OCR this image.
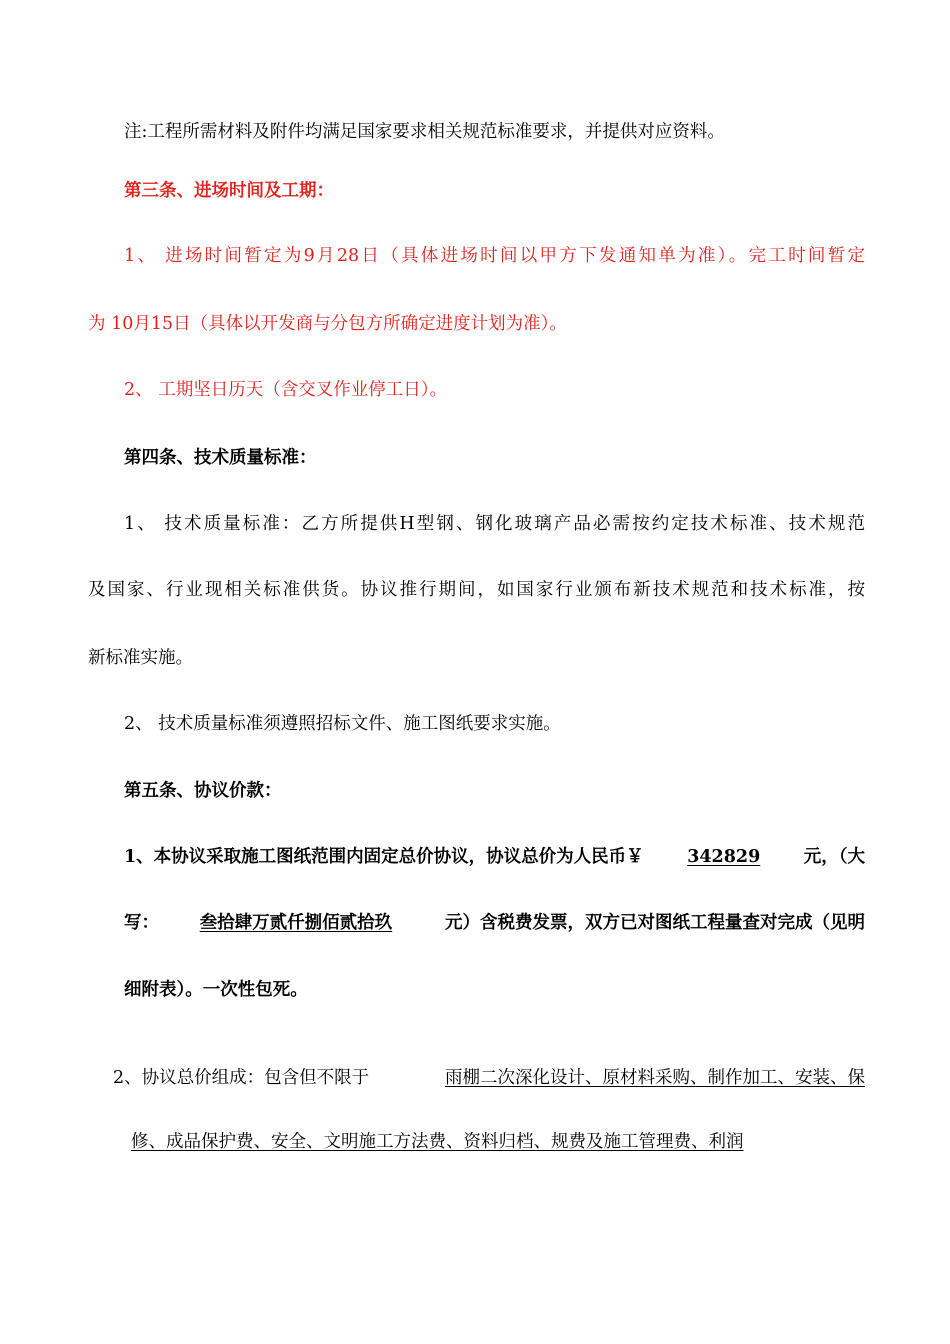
注:工程所需材料及附件均满足国家要求相关规范标准要求，并提供对应资料。
第三条、进场时间及工期：
1、 进场时间暂定为9月28日（具体进场时间以甲方下发通知单为准）。完工时间暂定
为 10月15日（具体以开发商与分包方所确定进度计划为准）。
2、 工期坚日历天（含交叉作业停工日）。
第四条、技术质量标准：
1、 技术质量标准：乙方所提供H型钢、钢化玻璃产品必需按约定技术标准、技术规范
及国家、行业现相关标准供货。协议推行期间，如国家行业颁布新技术规范和技术标准，按
新标准实施。
2、 技术质量标准须遵照招标文件、施工图纸要求实施。
第五条、协议价款：
1、本协议采取施工图纸范围内固定总价协议，协议总价为人民币￥ 342829 元，（大
写： 叁拾肆万贰仟捌佰贰拾玖 元）含税费发票，双方已对图纸工程量查对完成（见明
细附表）。一次性包死。
2、协议总价组成：包含但不限于	雨棚二次深化设计、原材料采购、制作加工、安装、保
修、成品保护费、安全、文明施工方法费、资料归档、规费及施工管理费、利润
